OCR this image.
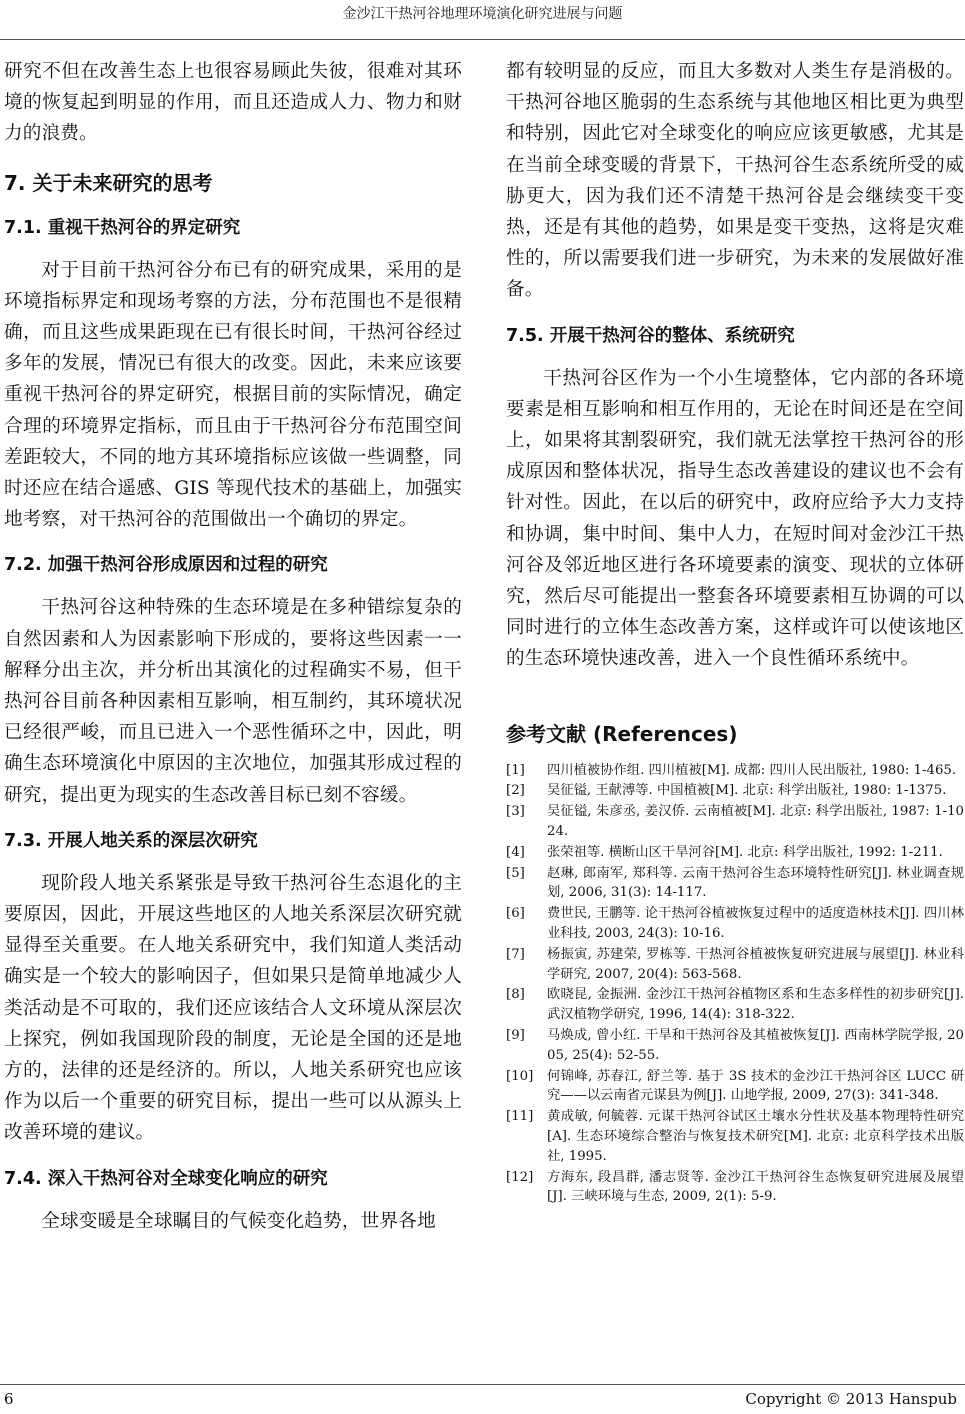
金沙江干热河谷地理环境演化研究进展与问题

研究不但在改善生态上也很容易顾此失彼，很难对其环境的恢复起到明显的作用，而且还造成人力、物力和财力的浪费。

7. 关于未来研究的思考
7.1. 重视干热河谷的界定研究

对于目前干热河谷分布已有的研究成果，采用的是环境指标界定和现场考察的方法，分布范围也不是很精确，而且这些成果距现在已有很长时间，干热河谷经过多年的发展，情况已有很大的改变。因此，未来应该要重视干热河谷的界定研究，根据目前的实际情况，确定合理的环境界定指标，而且由于干热河谷分布范围空间差距较大，不同的地方其环境指标应该做一些调整，同时还应在结合遥感、GIS 等现代技术的基础上，加强实地考察，对干热河谷的范围做出一个确切的界定。

7.2. 加强干热河谷形成原因和过程的研究

干热河谷这种特殊的生态环境是在多种错综复杂的自然因素和人为因素影响下形成的，要将这些因素一一解释分出主次，并分析出其演化的过程确实不易，但干热河谷目前各种因素相互影响，相互制约，其环境状况已经很严峻，而且已进入一个恶性循环之中，因此，明确生态环境演化中原因的主次地位，加强其形成过程的研究，提出更为现实的生态改善目标已刻不容缓。

7.3. 开展人地关系的深层次研究

现阶段人地关系紧张是导致干热河谷生态退化的主要原因，因此，开展这些地区的人地关系深层次研究就显得至关重要。在人地关系研究中，我们知道人类活动确实是一个较大的影响因子，但如果只是简单地减少人类活动是不可取的，我们还应该结合人文环境从深层次上探究，例如我国现阶段的制度，无论是全国的还是地方的，法律的还是经济的。所以，人地关系研究也应该作为以后一个重要的研究目标，提出一些可以从源头上改善环境的建议。

7.4. 深入干热河谷对全球变化响应的研究

全球变暖是全球瞩目的气候变化趋势，世界各地

都有较明显的反应，而且大多数对人类生存是消极的。干热河谷地区脆弱的生态系统与其他地区相比更为典型和特别，因此它对全球变化的响应应该更敏感，尤其是在当前全球变暖的背景下，干热河谷生态系统所受的威胁更大，因为我们还不清楚干热河谷是会继续变干变热，还是有其他的趋势，如果是变干变热，这将是灾难性的，所以需要我们进一步研究，为未来的发展做好准备。

7.5. 开展干热河谷的整体、系统研究

干热河谷区作为一个小生境整体，它内部的各环境要素是相互影响和相互作用的，无论在时间还是在空间上，如果将其割裂研究，我们就无法掌控干热河谷的形成原因和整体状况，指导生态改善建设的建议也不会有针对性。因此，在以后的研究中，政府应给予大力支持和协调，集中时间、集中人力，在短时间对金沙江干热河谷及邻近地区进行各环境要素的演变、现状的立体研究，然后尽可能提出一整套各环境要素相互协调的可以同时进行的立体生态改善方案，这样或许可以使该地区的生态环境快速改善，进入一个良性循环系统中。

参考文献 (References)
[1] 四川植被协作组. 四川植被[M]. 成都: 四川人民出版社, 1980: 1-465.
[2] 吴征镒, 王献溥等. 中国植被[M]. 北京: 科学出版社, 1980: 1-1375.
[3] 吴征镒, 朱彦丞, 姜汉侨. 云南植被[M]. 北京: 科学出版社, 1987: 1-1024.
[4] 张荣祖等. 横断山区干旱河谷[M]. 北京: 科学出版社, 1992: 1-211.
[5] 赵琳, 郎南军, 郑科等. 云南干热河谷生态环境特性研究[J]. 林业调查规划, 2006, 31(3): 14-117.
[6] 费世民, 王鹏等. 论干热河谷植被恢复过程中的适度造林技术[J]. 四川林业科技, 2003, 24(3): 10-16.
[7] 杨振寅, 苏建荣, 罗栋等. 干热河谷植被恢复研究进展与展望[J]. 林业科学研究, 2007, 20(4): 563-568.
[8] 欧晓昆, 金振洲. 金沙江干热河谷植物区系和生态多样性的初步研究[J]. 武汉植物学研究, 1996, 14(4): 318-322.
[9] 马焕成, 曾小红. 干旱和干热河谷及其植被恢复[J]. 西南林学院学报, 2005, 25(4): 52-55.
[10] 何锦峰, 苏春江, 舒兰等. 基于 3S 技术的金沙江干热河谷区 LUCC 研究——以云南省元谋县为例[J]. 山地学报, 2009, 27(3): 341-348.
[11] 黄成敏, 何毓蓉. 元谋干热河谷试区土壤水分性状及基本物理特性研究[A]. 生态环境综合整治与恢复技术研究[M]. 北京: 北京科学技术出版社, 1995.
[12] 方海东, 段昌群, 潘志贤等. 金沙江干热河谷生态恢复研究进展及展望[J]. 三峡环境与生态, 2009, 2(1): 5-9.
6	Copyright © 2013 Hanspub
